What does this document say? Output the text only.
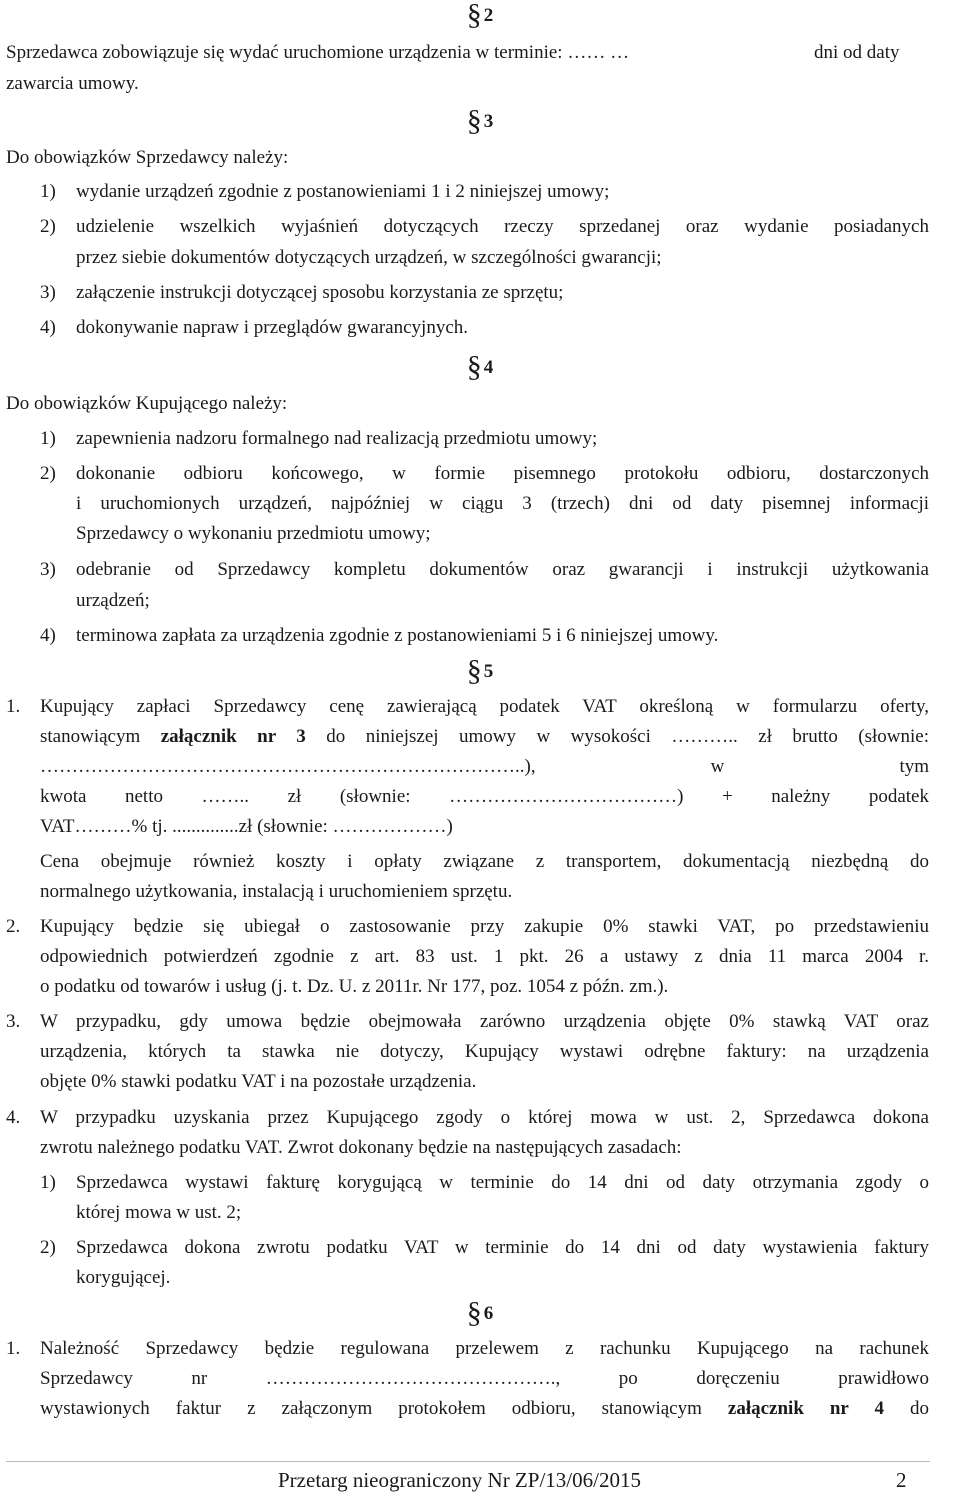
§ 2
Sprzedawca zobowiązuje się wydać uruchomione urządzenia w terminie: …… …	dni od daty
zawarcia umowy.
§ 3
Do obowiązków Sprzedawcy należy:
1) wydanie urządzeń zgodnie z postanowieniami 1 i 2 niniejszej umowy;
2) udzielenie wszelkich wyjaśnień dotyczących rzeczy sprzedanej oraz wydanie posiadanych
przez siebie dokumentów dotyczących urządzeń, w szczególności gwarancji;
3) załączenie instrukcji dotyczącej sposobu korzystania ze sprzętu;
4) dokonywanie napraw i przeglądów gwarancyjnych.
§ 4
Do obowiązków Kupującego należy:
1) zapewnienia nadzoru formalnego nad realizacją przedmiotu umowy;
2) dokonanie odbioru końcowego, w formie pisemnego protokołu odbioru, dostarczonych
i uruchomionych urządzeń, najpóźniej w ciągu 3 (trzech) dni od daty pisemnej informacji
Sprzedawcy o wykonaniu przedmiotu umowy;
3) odebranie od Sprzedawcy kompletu dokumentów oraz gwarancji i instrukcji użytkowania
urządzeń;
4) terminowa zapłata za urządzenia zgodnie z postanowieniami 5 i 6 niniejszej umowy.
§ 5
1. Kupujący zapłaci Sprzedawcy cenę zawierającą podatek VAT określoną w formularzu oferty,
stanowiącym załącznik nr 3 do niniejszej umowy w wysokości ……….. zł brutto (słownie:
…………………………………………………………………..), w tym
kwota netto …….. zł (słownie: ………………………………) + należny podatek
VAT………% tj. ..............zł (słownie: ………………)
Cena obejmuje również koszty i opłaty związane z transportem, dokumentacją niezbędną do
normalnego użytkowania, instalacją i uruchomieniem sprzętu.
2. Kupujący będzie się ubiegał o zastosowanie przy zakupie 0% stawki VAT, po przedstawieniu
odpowiednich potwierdzeń zgodnie z art. 83 ust. 1 pkt. 26 a ustawy z dnia 11 marca 2004 r.
o podatku od towarów i usług (j. t. Dz. U. z 2011r. Nr 177, poz. 1054 z późn. zm.).
3. W przypadku, gdy umowa będzie obejmowała zarówno urządzenia objęte 0% stawką VAT oraz
urządzenia, których ta stawka nie dotyczy, Kupujący wystawi odrębne faktury: na urządzenia
objęte 0% stawki podatku VAT i na pozostałe urządzenia.
4. W przypadku uzyskania przez Kupującego zgody o której mowa w ust. 2, Sprzedawca dokona
zwrotu należnego podatku VAT. Zwrot dokonany będzie na następujących zasadach:
1) Sprzedawca wystawi fakturę korygującą w terminie do 14 dni od daty otrzymania zgody o
której mowa w ust. 2;
2) Sprzedawca dokona zwrotu podatku VAT w terminie do 14 dni od daty wystawienia faktury
korygującej.
§ 6
1. Należność Sprzedawcy będzie regulowana przelewem z rachunku Kupującego na rachunek
Sprzedawcy nr ………………………………………., po doręczeniu prawidłowo
wystawionych faktur z załączonym protokołem odbioru, stanowiącym załącznik nr 4 do
Przetarg nieograniczony Nr ZP/13/06/2015	2
